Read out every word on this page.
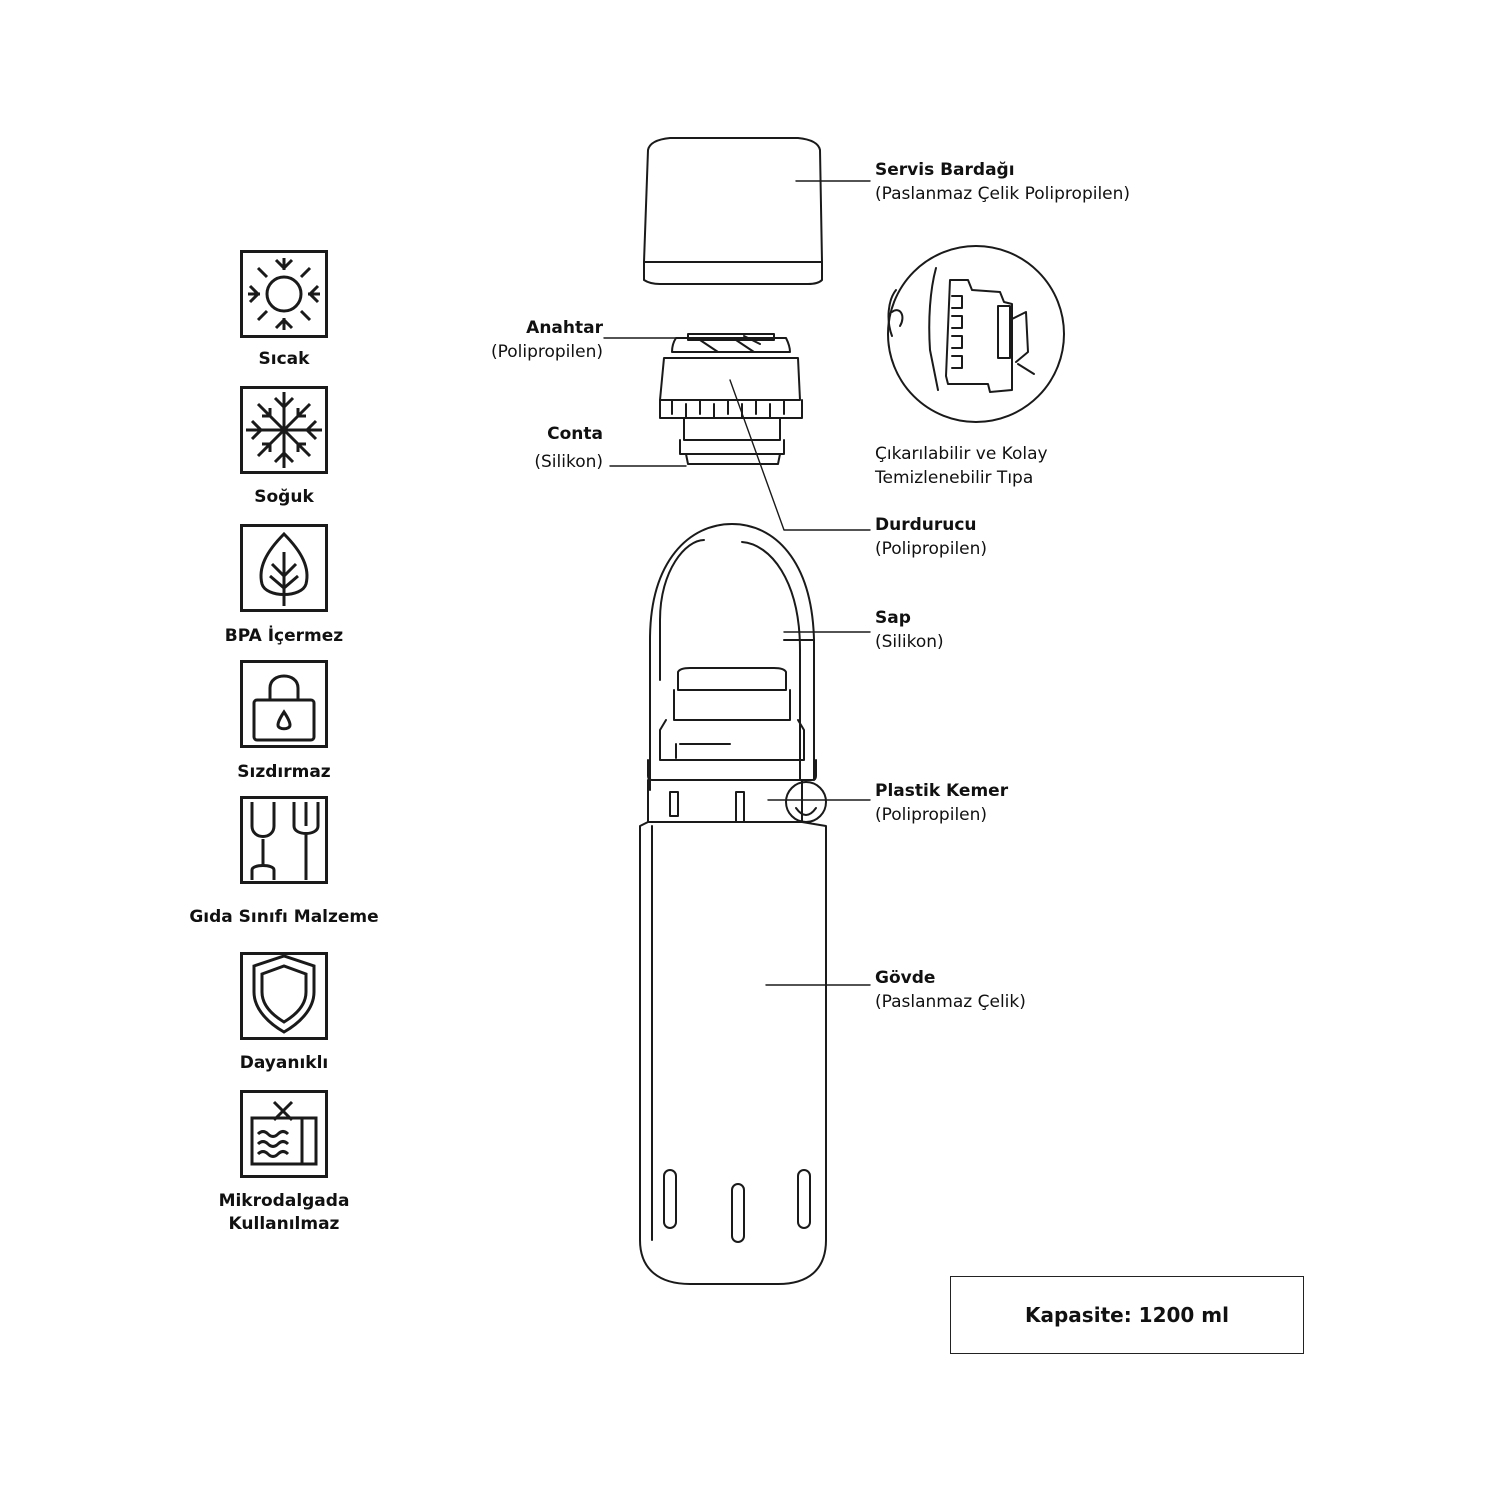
Sıcak
Soğuk
BPA İçermez
Sızdırmaz
Gıda Sınıfı Malzeme
Dayanıklı
Mikrodalgada
Kullanılmaz
Servis Bardağı
(Paslanmaz Çelik Polipropilen)
Anahtar
(Polipropilen)
Conta
(Silikon)	Çıkarılabilir ve Kolay
Temizlenebilir Tıpa
Durdurucu
(Polipropilen)
Sap
(Silikon)
Plastik Kemer
(Polipropilen)
Gövde
(Paslanmaz Çelik)
Kapasite: 1200 ml
